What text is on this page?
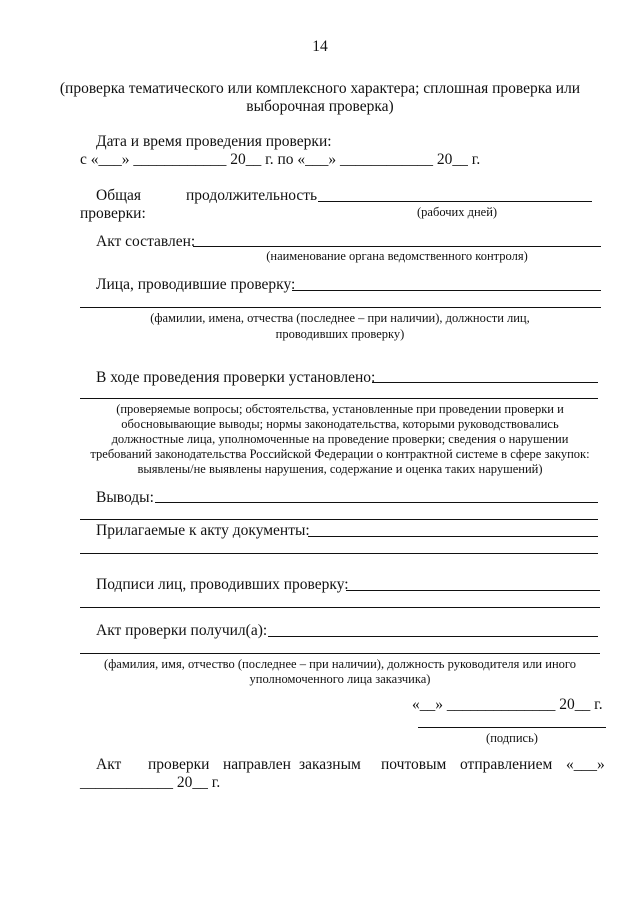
14
(проверка тематического или комплексного характера; сплошная проверка или
выборочная проверка)
Дата и время проведения проверки:
с «___» ____________ 20__ г. по «___» ____________ 20__ г.
Общая	продолжительность
проверки:	(рабочих дней)
Акт составлен:
(наименование органа ведомственного контроля)
Лица, проводившие проверку:
(фамилии, имена, отчества (последнее – при наличии), должности лиц,
проводивших проверку)
В ходе проведения проверки установлено:
(проверяемые вопросы; обстоятельства, установленные при проведении проверки и
обосновывающие выводы; нормы законодательства, которыми руководствовались
должностные лица, уполномоченные на проведение проверки; сведения о нарушении
требований законодательства Российской Федерации о контрактной системе в сфере закупок:
выявлены/не выявлены нарушения, содержание и оценка таких нарушений)
Выводы:
Прилагаемые к акту документы:
Подписи лиц, проводивших проверку:
Акт проверки получил(а):
(фамилия, имя, отчество (последнее – при наличии), должность руководителя или иного
уполномоченного лица заказчика)
«__» ______________ 20__ г.
(подпись)
Акт проверки направлен заказным почтовым отправлением «___»
____________ 20__ г.
